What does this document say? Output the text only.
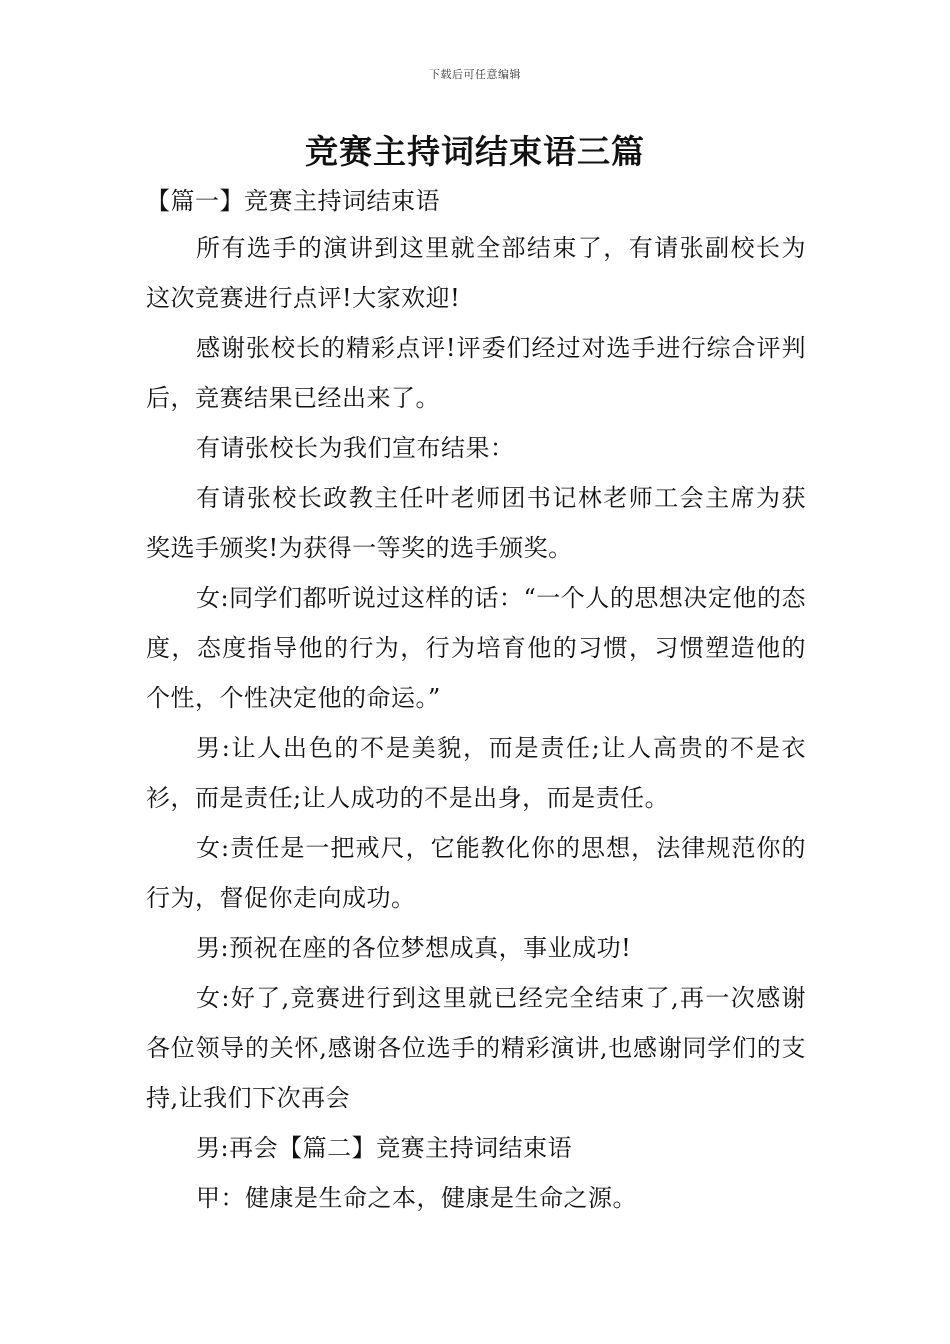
下载后可任意编辑
竞赛主持词结束语三篇
【篇一】竞赛主持词结束语

所有选手的演讲到这里就全部结束了，有请张副校长为这次竞赛进行点评!大家欢迎!

感谢张校长的精彩点评!评委们经过对选手进行综合评判后，竞赛结果已经出来了。

有请张校长为我们宣布结果：

有请张校长政教主任叶老师团书记林老师工会主席为获奖选手颁奖!为获得一等奖的选手颁奖。

女:同学们都听说过这样的话：“一个人的思想决定他的态度，态度指导他的行为，行为培育他的习惯，习惯塑造他的个性，个性决定他的命运。”

男:让人出色的不是美貌，而是责任;让人高贵的不是衣衫，而是责任;让人成功的不是出身，而是责任。

女:责任是一把戒尺，它能教化你的思想，法律规范你的行为，督促你走向成功。

男:预祝在座的各位梦想成真，事业成功!

女:好了,竞赛进行到这里就已经完全结束了,再一次感谢各位领导的关怀,感谢各位选手的精彩演讲,也感谢同学们的支持,让我们下次再会

男:再会【篇二】竞赛主持词结束语

甲：健康是生命之本，健康是生命之源。
